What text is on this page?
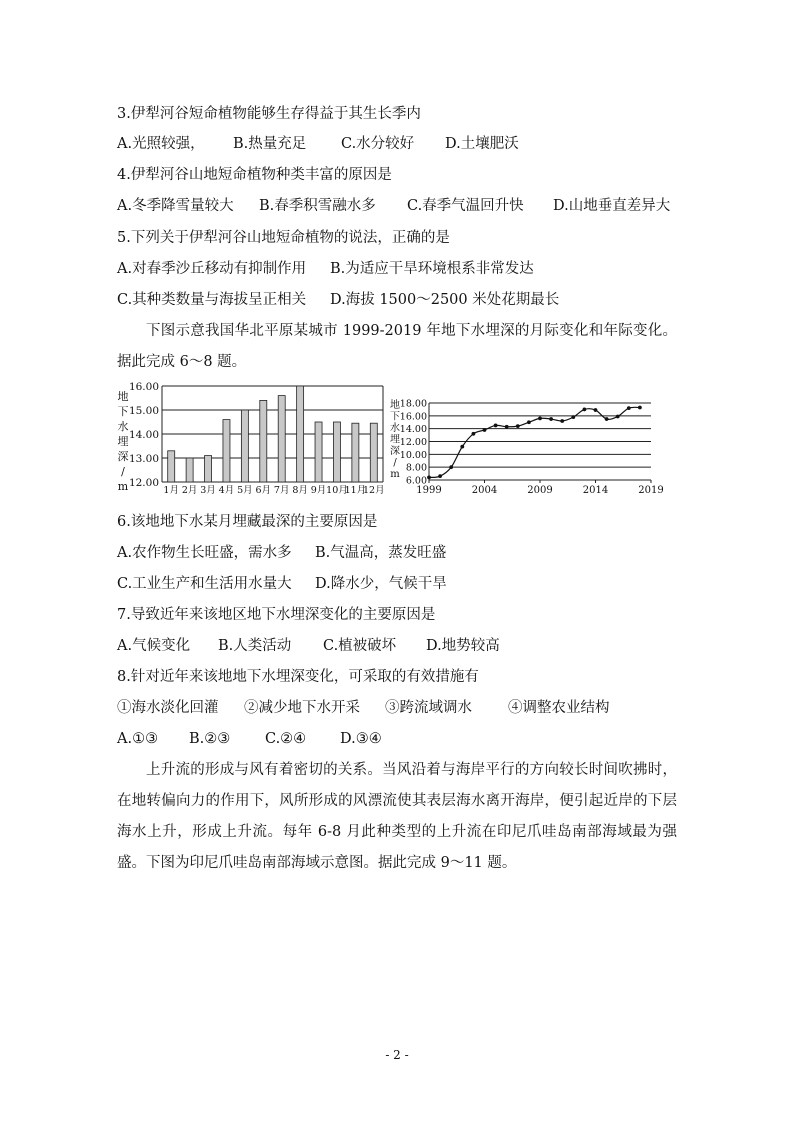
3.伊犁河谷短命植物能够生存得益于其生长季内
A.光照较强，	B.热量充足	C.水分较好	D.土壤肥沃
4.伊犁河谷山地短命植物种类丰富的原因是
A.冬季降雪量较大	B.春季积雪融水多	C.春季气温回升快	D.山地垂直差异大
5.下列关于伊犁河谷山地短命植物的说法，正确的是
A.对春季沙丘移动有抑制作用	B.为适应干旱环境根系非常发达
C.其种类数量与海拔呈正相关	D.海拔 1500～2500 米处花期最长
下图示意我国华北平原某城市 1999-2019 年地下水埋深的月际变化和年际变化。据此完成 6～8 题。
12.00
13.00
14.00
15.00
16.00
1月 2月 3月 4月 5月 6月 7月 8月 9月 10月
11月
12月
地
下
水
埋
深
/
m	6.00
8.00
10.00
12.00
14.00
16.00
18.00
1999	2004	2009	2014	2019
地
下
水
埋
深
/
m
6.该地地下水某月埋藏最深的主要原因是
A.农作物生长旺盛，需水多	B.气温高，蒸发旺盛
C.工业生产和生活用水量大	D.降水少，气候干旱
7.导致近年来该地区地下水埋深变化的主要原因是
A.气候变化	B.人类活动	C.植被破坏	D.地势较高
8.针对近年来该地地下水埋深变化，可采取的有效措施有
①海水淡化回灌	②减少地下水开采	③跨流域调水	④调整农业结构
A.①③	B.②③	C.②④	D.③④
上升流的形成与风有着密切的关系。当风沿着与海岸平行的方向较长时间吹拂时，在地转偏向力的作用下，风所形成的风漂流使其表层海水离开海岸，便引起近岸的下层海水上升，形成上升流。每年 6-8 月此种类型的上升流在印尼爪哇岛南部海域最为强盛。下图为印尼爪哇岛南部海域示意图。据此完成 9～11 题。
- 2 -
